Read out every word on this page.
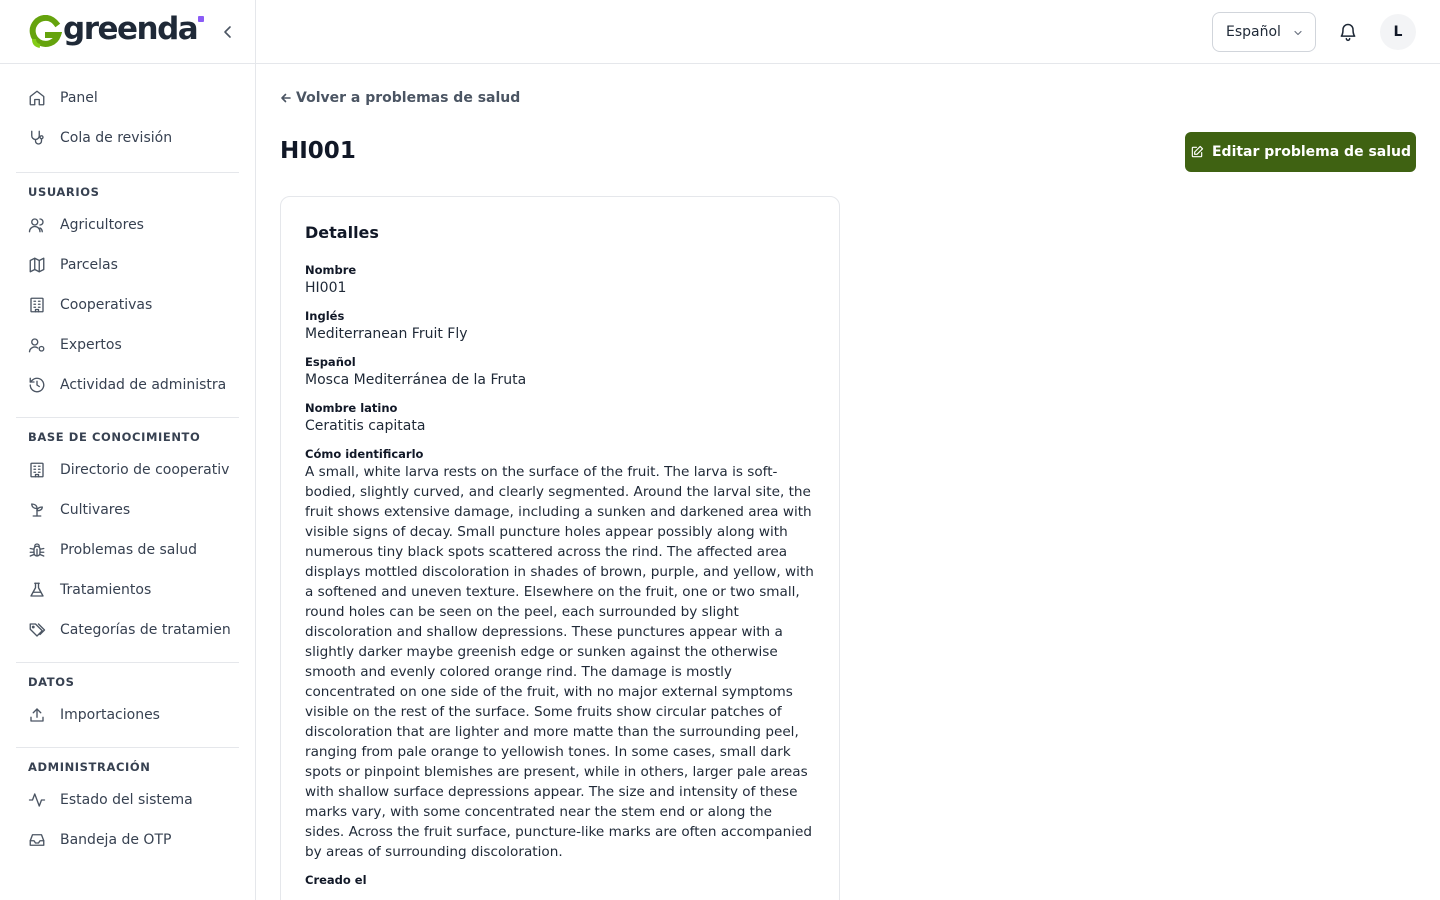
greenda
Panel
Cola de revisión
USUARIOS
Agricultores
Parcelas
Cooperativas
Expertos
Actividad de administra
BASE DE CONOCIMIENTO
Directorio de cooperativ
Cultivares
Problemas de salud
Tratamientos
Categorías de tratamien
DATOS
Importaciones
ADMINISTRACIÓN
Estado del sistema
Bandeja de OTP
Español	L
Volver a problemas de salud
HI001	Editar problema de salud
Detalles
Nombre
HI001
Inglés
Mediterranean Fruit Fly
Español
Mosca Mediterránea de la Fruta
Nombre latino
Ceratitis capitata
Cómo identificarlo
A small, white larva rests on the surface of the fruit. The larva is soft-bodied, slightly curved, and clearly segmented. Around the larval site, the fruit shows extensive damage, including a sunken and darkened area with visible signs of decay. Small puncture holes appear possibly along with numerous tiny black spots scattered across the rind. The affected area displays mottled discoloration in shades of brown, purple, and yellow, with a softened and uneven texture. Elsewhere on the fruit, one or two small, round holes can be seen on the peel, each surrounded by slight discoloration and shallow depressions. These punctures appear with a slightly darker maybe greenish edge or sunken against the otherwise smooth and evenly colored orange rind. The damage is mostly concentrated on one side of the fruit, with no major external symptoms visible on the rest of the surface. Some fruits show circular patches of discoloration that are lighter and more matte than the surrounding peel, ranging from pale orange to yellowish tones. In some cases, small dark spots or pinpoint blemishes are present, while in others, larger pale areas with shallow surface depressions appear. The size and intensity of these marks vary, with some concentrated near the stem end or along the sides. Across the fruit surface, puncture-like marks are often accompanied by areas of surrounding discoloration.
Creado el
